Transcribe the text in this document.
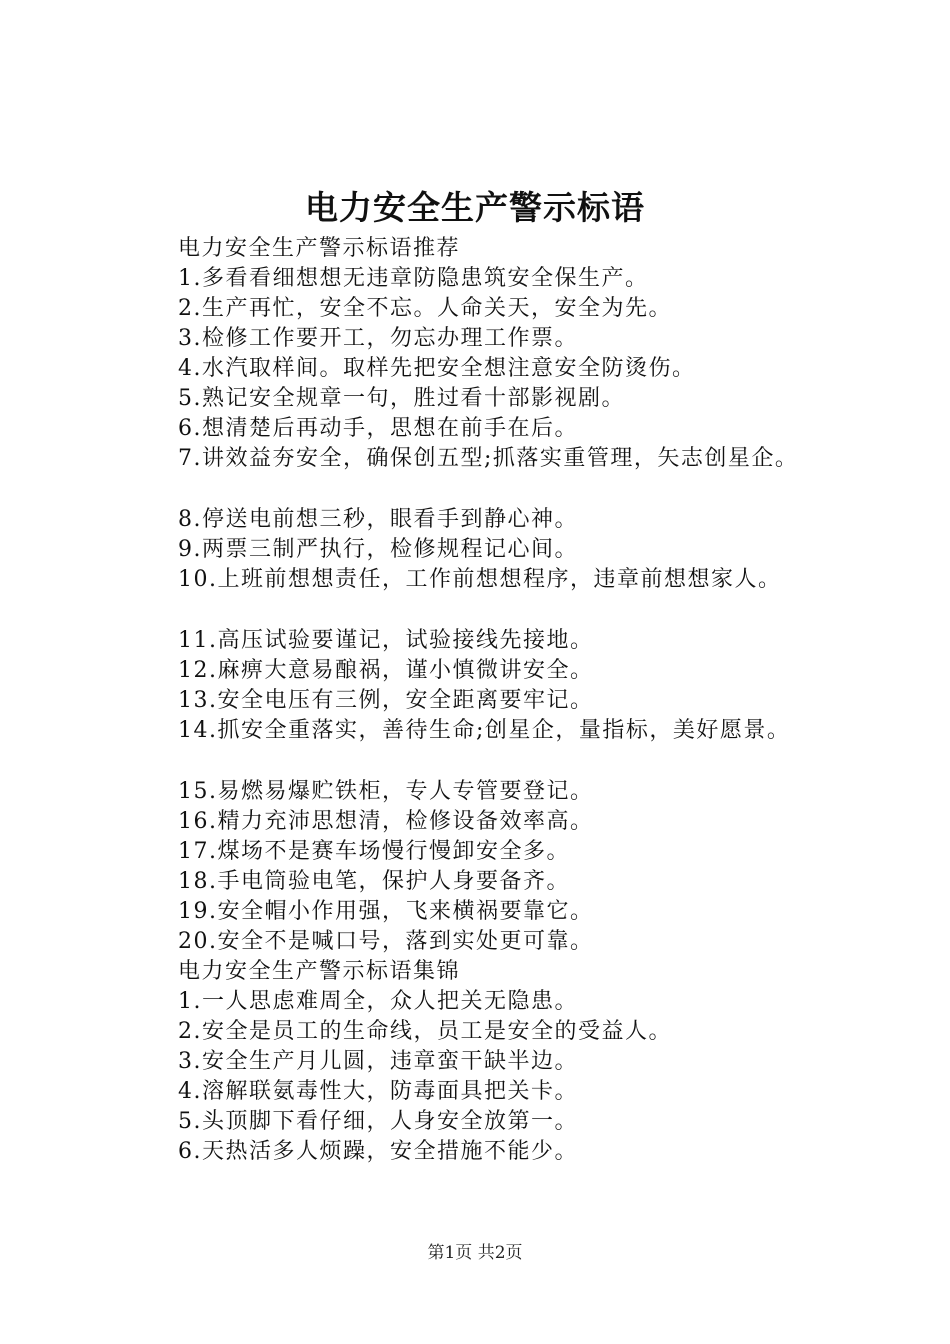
电力安全生产警示标语
电力安全生产警示标语推荐
1.多看看细想想无违章防隐患筑安全保生产。
2.生产再忙，安全不忘。人命关天，安全为先。
3.检修工作要开工，勿忘办理工作票。
4.水汽取样间。取样先把安全想注意安全防烫伤。
5.熟记安全规章一句，胜过看十部影视剧。
6.想清楚后再动手，思想在前手在后。
7.讲效益夯安全，确保创五型;抓落实重管理，矢志创星企。
8.停送电前想三秒，眼看手到静心神。
9.两票三制严执行，检修规程记心间。
10.上班前想想责任，工作前想想程序，违章前想想家人。
11.高压试验要谨记，试验接线先接地。
12.麻痹大意易酿祸，谨小慎微讲安全。
13.安全电压有三例，安全距离要牢记。
14.抓安全重落实，善待生命;创星企，量指标，美好愿景。
15.易燃易爆贮铁柜，专人专管要登记。
16.精力充沛思想清，检修设备效率高。
17.煤场不是赛车场慢行慢卸安全多。
18.手电筒验电笔，保护人身要备齐。
19.安全帽小作用强，飞来横祸要靠它。
20.安全不是喊口号，落到实处更可靠。
电力安全生产警示标语集锦
1.一人思虑难周全，众人把关无隐患。
2.安全是员工的生命线，员工是安全的受益人。
3.安全生产月儿圆，违章蛮干缺半边。
4.溶解联氨毒性大，防毒面具把关卡。
5.头顶脚下看仔细，人身安全放第一。
6.天热活多人烦躁，安全措施不能少。
第1页 共2页
